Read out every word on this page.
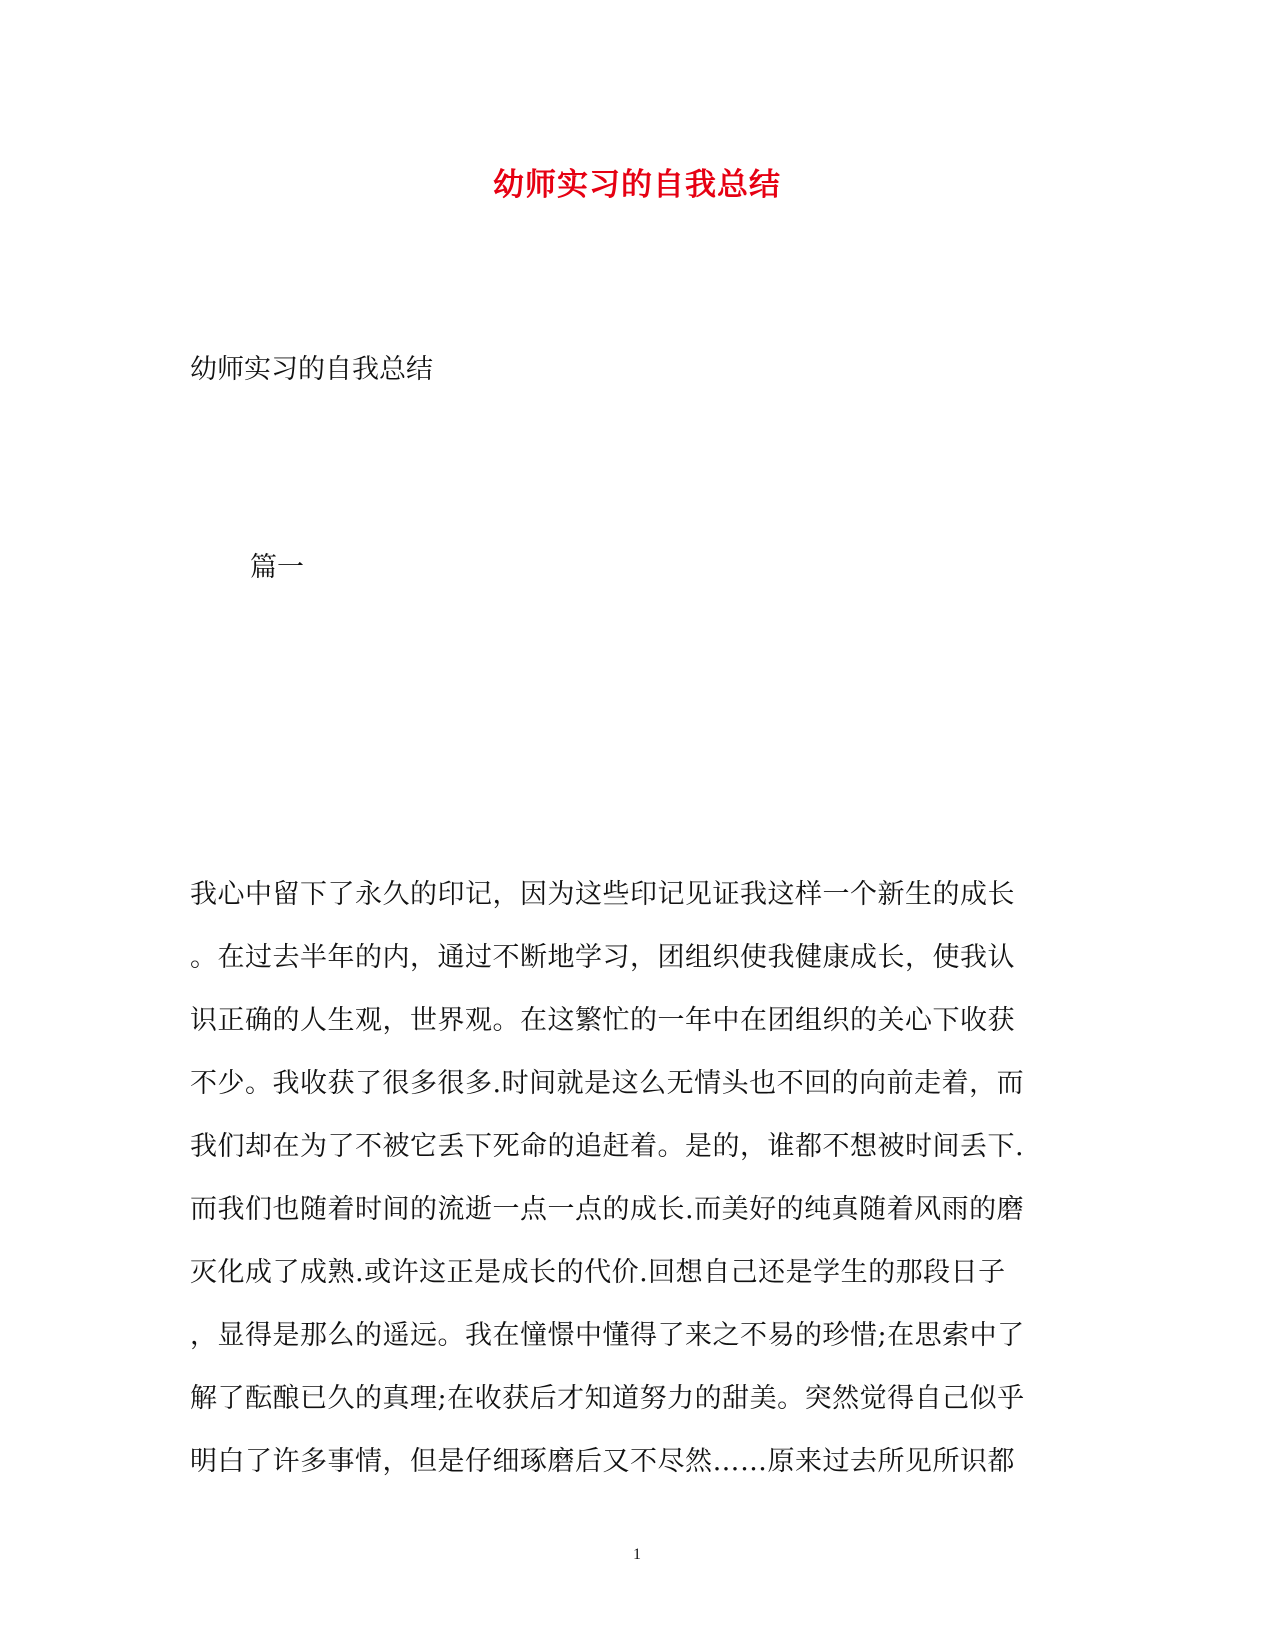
幼师实习的自我总结
幼师实习的自我总结
篇一
我心中留下了永久的印记，因为这些印记见证我这样一个新生的成长
。在过去半年的内，通过不断地学习，团组织使我健康成长，使我认
识正确的人生观，世界观。在这繁忙的一年中在团组织的关心下收获
不少。我收获了很多很多.时间就是这么无情头也不回的向前走着，而
我们却在为了不被它丢下死命的追赶着。是的，谁都不想被时间丢下.
而我们也随着时间的流逝一点一点的成长.而美好的纯真随着风雨的磨
灭化成了成熟.或许这正是成长的代价.回想自己还是学生的那段日子
，显得是那么的遥远。我在憧憬中懂得了来之不易的珍惜;在思索中了
解了酝酿已久的真理;在收获后才知道努力的甜美。突然觉得自己似乎
明白了许多事情，但是仔细琢磨后又不尽然……原来过去所见所识都
1
